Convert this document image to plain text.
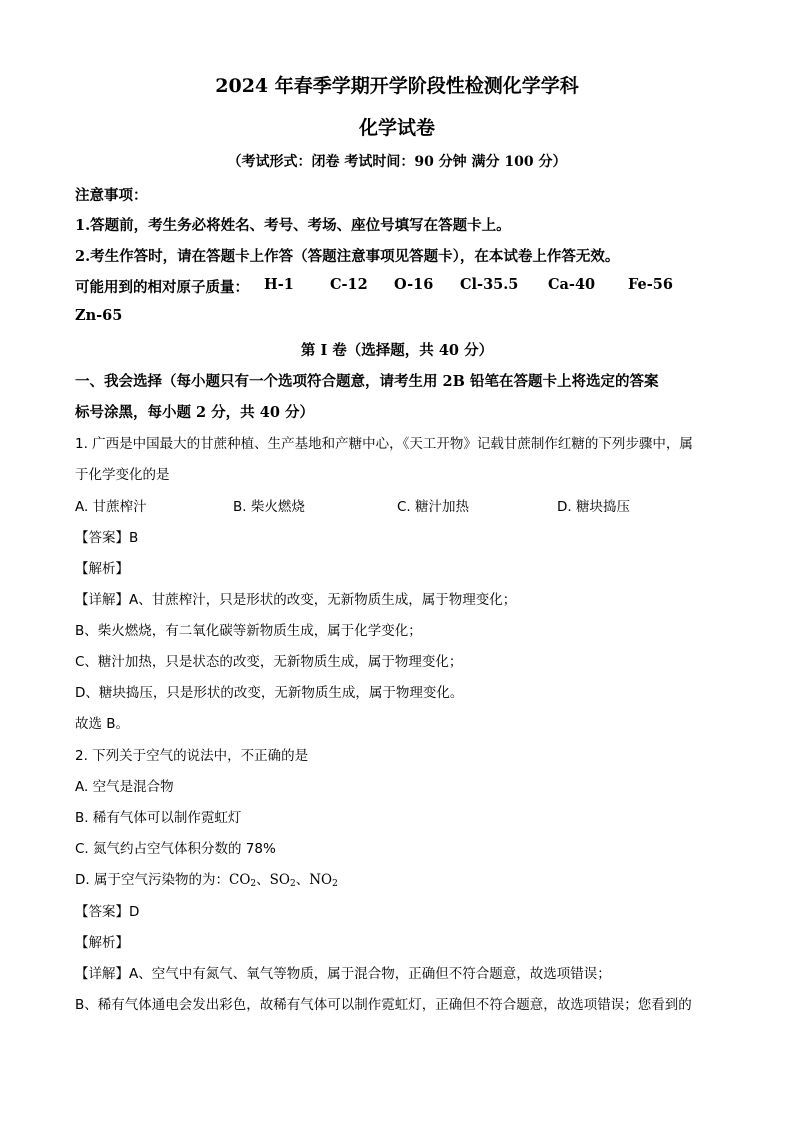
2024 年春季学期开学阶段性检测化学学科
化学试卷
（考试形式：闭卷 考试时间：90 分钟 满分 100 分）
注意事项：
1.答题前，考生务必将姓名、考号、考场、座位号填写在答题卡上。
2.考生作答时，请在答题卡上作答（答题注意事项见答题卡），在本试卷上作答无效。
可能用到的相对原子质量： H-1 C-12 O-16 Cl-35.5 Ca-40 Fe-56
Zn-65
第 I 卷（选择题，共 40 分）
一、我会选择（每小题只有一个选项符合题意，请考生用 2B 铅笔在答题卡上将选定的答案
标号涂黑，每小题 2 分，共 40 分）
1. 广西是中国最大的甘蔗种植、生产基地和产糖中心，《天工开物》记载甘蔗制作红糖的下列步骤中，属
于化学变化的是
A. 甘蔗榨汁	B. 柴火燃烧	C. 糖汁加热	D. 糖块捣压
【答案】B
【解析】
【详解】A、甘蔗榨汁，只是形状的改变，无新物质生成，属于物理变化；
B、柴火燃烧，有二氧化碳等新物质生成，属于化学变化；
C、糖汁加热，只是状态的改变，无新物质生成，属于物理变化；
D、糖块捣压，只是形状的改变，无新物质生成，属于物理变化。
故选 B。
2. 下列关于空气的说法中，不正确的是
A. 空气是混合物
B. 稀有气体可以制作霓虹灯
C. 氮气约占空气体积分数的 78%
D. 属于空气污染物的为：$CO_2$、$SO_2$、$NO_2$
【答案】D
【解析】
【详解】A、空气中有氮气、氧气等物质，属于混合物，正确但不符合题意，故选项错误；
B、稀有气体通电会发出彩色，故稀有气体可以制作霓虹灯，正确但不符合题意，故选项错误；您看到的
